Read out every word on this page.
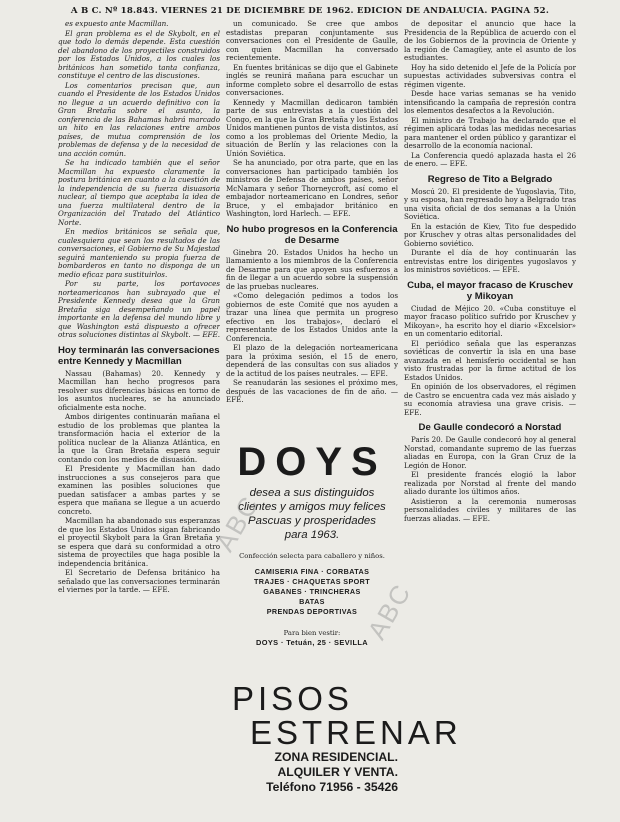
A B C. Nº 18.843. VIERNES 21 DE DICIEMBRE DE 1962. EDICION DE ANDALUCIA. PAGINA 52.

es expuesto ante Macmillan.

El gran problema es el de Skybolt, en el que todo lo demás depende. Esta cuestión del abandono de los proyectiles construidos por los Estados Unidos, a los cuales los británicos han sometido tanta confianza, constituye el centro de las discusiones.

Los comentarios precisan que, aun cuando el Presidente de los Estados Unidos no llegue a un acuerdo definitivo con la Gran Bretaña sobre el asunto, la conferencia de las Bahamas habrá marcado un hito en las relaciones entre ambos países, de mutua comprensión de los problemas de defensa y de la necesidad de una acción común.

Se ha indicado también que el señor Macmillan ha expuesto claramente la postura británica en cuanto a la cuestión de la independencia de su fuerza disuasoria nuclear, al tiempo que aceptaba la idea de una fuerza multilateral dentro de la Organización del Tratado del Atlántico Norte.

En medios británicos se señala que, cualesquiera que sean los resultados de las conversaciones, el Gobierno de Su Majestad seguirá manteniendo su propia fuerza de bombarderos en tanto no disponga de un medio eficaz para sustituirlos.

Por su parte, los portavoces norteamericanos han subrayado que el Presidente Kennedy desea que la Gran Bretaña siga desempeñando un papel importante en la defensa del mundo libre y que Washington está dispuesto a ofrecer otras soluciones distintas al Skybolt. — EFE.

Hoy terminarán las conversaciones entre Kennedy y Macmillan

Nassau (Bahamas) 20. Kennedy y Macmillan han hecho progresos para resolver sus diferencias básicas en torno de los asuntos nucleares, se ha anunciado oficialmente esta noche.

Ambos dirigentes continuarán mañana el estudio de los problemas que plantea la transformación hacia el exterior de la política nuclear de la Alianza Atlántica, en la que la Gran Bretaña espera seguir contando con los medios de disuasión.

El Presidente y Macmillan han dado instrucciones a sus consejeros para que examinen las posibles soluciones que puedan satisfacer a ambas partes y se espera que mañana se llegue a un acuerdo concreto.

Macmillan ha abandonado sus esperanzas de que los Estados Unidos sigan fabricando el proyectil Skybolt para la Gran Bretaña y se espera que dará su conformidad a otro sistema de proyectiles que haga posible la independencia británica.

El Secretario de Defensa británico ha señalado que las conversaciones terminarán el viernes por la tarde. — EFE.

un comunicado. Se cree que ambos estadistas preparan conjuntamente sus conversaciones con el Presidente de Gaulle, con quien Macmillan ha conversado recientemente.

En fuentes británicas se dijo que el Gabinete inglés se reunirá mañana para escuchar un informe completo sobre el desarrollo de estas conversaciones.

Kennedy y Macmillan dedicaron también parte de sus entrevistas a la cuestión del Congo, en la que la Gran Bretaña y los Estados Unidos mantienen puntos de vista distintos, así como a los problemas del Oriente Medio, la situación de Berlín y las relaciones con la Unión Soviética.

Se ha anunciado, por otra parte, que en las conversaciones han participado también los ministros de Defensa de ambos países, señor McNamara y señor Thorneycroft, así como el embajador norteamericano en Londres, señor Bruce, y el embajador británico en Washington, lord Harlech. — EFE.

No hubo progresos en la Conferencia de Desarme

Ginebra 20. Estados Unidos ha hecho un llamamiento a los miembros de la Conferencia de Desarme para que apoyen sus esfuerzos a fin de llegar a un acuerdo sobre la suspensión de las pruebas nucleares.

«Como delegación pedimos a todos los gobiernos de este Comité que nos ayuden a trazar una línea que permita un progreso efectivo en los trabajos», declaró el representante de los Estados Unidos ante la Conferencia.

El plazo de la delegación norteamericana para la próxima sesión, el 15 de enero, dependerá de las consultas con sus aliados y de la actitud de los países neutrales. — EFE.

Se reanudarán las sesiones el próximo mes, después de las vacaciones de fin de año. — EFE.

DOYS
desea a sus distinguidos clientes y amigos muy felices Pascuas y prosperidades para 1963.
Confección selecta para caballero y niños.
CAMISERIA FINA · CORBATAS
TRAJES · CHAQUETAS SPORT
GABANES · TRINCHERAS
BATAS
PRENDAS DEPORTIVAS
Para bien vestir:
DOYS · Tetuán, 25 · SEVILLA
PISOS
ESTRENAR
ZONA RESIDENCIAL. ALQUILER Y VENTA.
Teléfono 71956 - 35426

de depositar el anuncio que hace la Presidencia de la República de acuerdo con el de los Gobiernos de la provincia de Oriente y la región de Camagüey, ante el asunto de los estudiantes.

Hoy ha sido detenido el Jefe de la Policía por supuestas actividades subversivas contra el régimen vigente.

Desde hace varias semanas se ha venido intensificando la campaña de represión contra los elementos desafectos a la Revolución.

El ministro de Trabajo ha declarado que el régimen aplicará todas las medidas necesarias para mantener el orden público y garantizar el desarrollo de la economía nacional.

La Conferencia quedó aplazada hasta el 26 de enero. — EFE.

Regreso de Tito a Belgrado

Moscú 20. El presidente de Yugoslavia, Tito, y su esposa, han regresado hoy a Belgrado tras una visita oficial de dos semanas a la Unión Soviética.

En la estación de Kiev, Tito fue despedido por Kruschev y otras altas personalidades del Gobierno soviético.

Durante el día de hoy continuarán las entrevistas entre los dirigentes yugoslavos y los ministros soviéticos. — EFE.

Cuba, el mayor fracaso de Kruschev y Mikoyan

Ciudad de Méjico 20. «Cuba constituye el mayor fracaso político sufrido por Kruschev y Mikoyan», ha escrito hoy el diario «Excelsior» en un comentario editorial.

El periódico señala que las esperanzas soviéticas de convertir la isla en una base avanzada en el hemisferio occidental se han visto frustradas por la firme actitud de los Estados Unidos.

En opinión de los observadores, el régimen de Castro se encuentra cada vez más aislado y su economía atraviesa una grave crisis. — EFE.

De Gaulle condecoró a Norstad

París 20. De Gaulle condecoró hoy al general Norstad, comandante supremo de las fuerzas aliadas en Europa, con la Gran Cruz de la Legión de Honor.

El presidente francés elogió la labor realizada por Norstad al frente del mando aliado durante los últimos años.

Asistieron a la ceremonia numerosas personalidades civiles y militares de las fuerzas aliadas. — EFE.

ABC
ABC
